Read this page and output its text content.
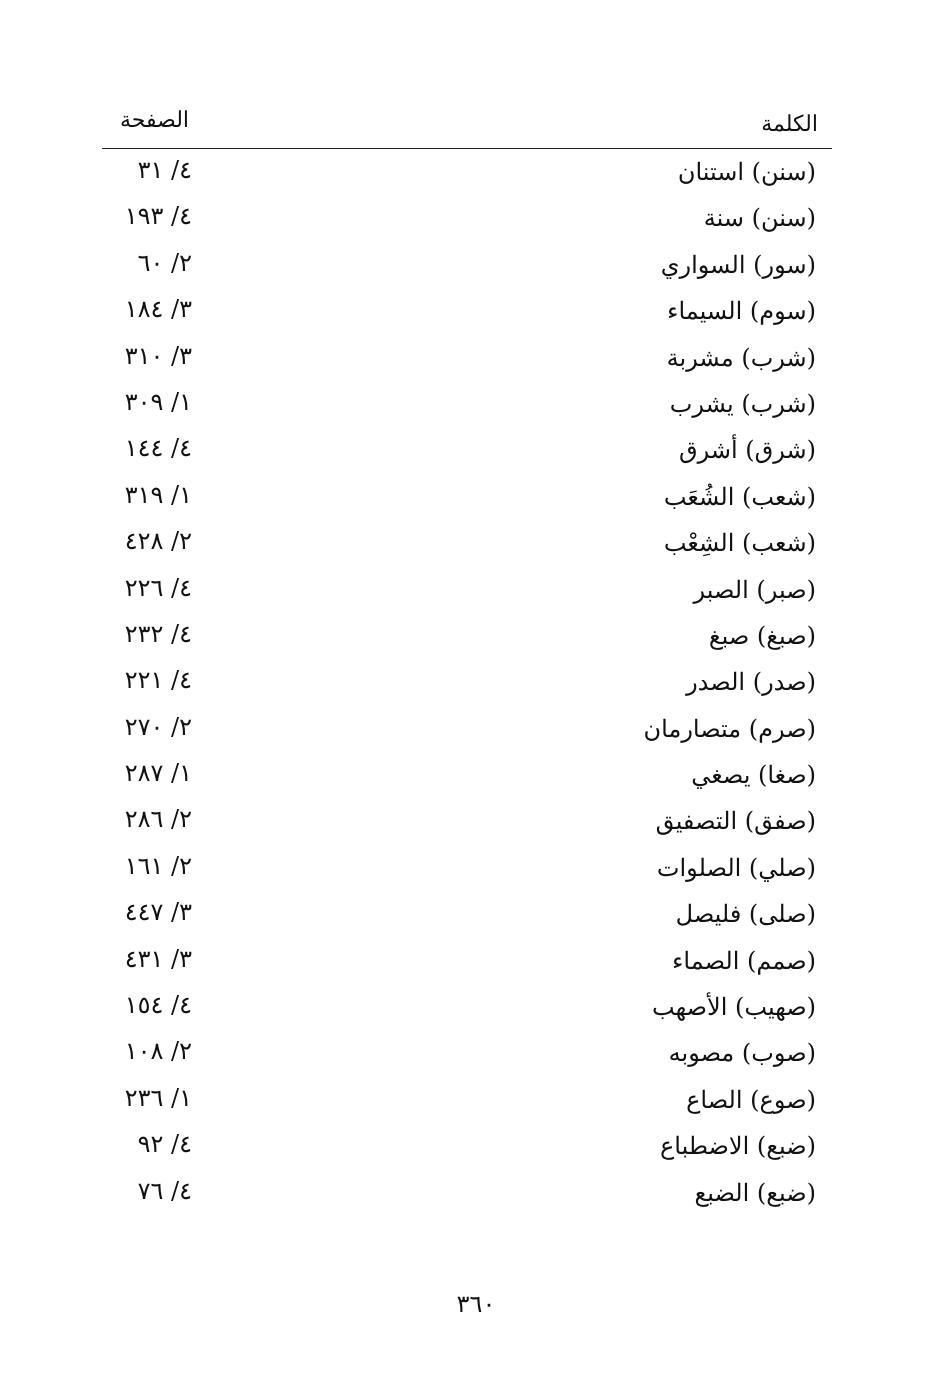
الكلمة
الصفحة
(سنن) استنان
٤/ ٣١
(سنن) سنة
٤/ ١٩٣
(سور) السواري
٢/ ٦٠
(سوم) السيماء
٣/ ١٨٤
(شرب) مشربة
٣/ ٣١٠
(شرب) يشرب
١/ ٣٠٩
(شرق) أشرق
٤/ ١٤٤
(شعب) الشُعَب
١/ ٣١٩
(شعب) الشِعْب
٢/ ٤٢٨
(صبر) الصبر
٤/ ٢٢٦
(صبغ) صبغ
٤/ ٢٣٢
(صدر) الصدر
٤/ ٢٢١
(صرم) متصارمان
٢/ ٢٧٠
(صغا) يصغي
١/ ٢٨٧
(صفق) التصفيق
٢/ ٢٨٦
(صلي) الصلوات
٢/ ١٦١
(صلى) فليصل
٣/ ٤٤٧
(صمم) الصماء
٣/ ٤٣١
(صهيب) الأصهب
٤/ ١٥٤
(صوب) مصوبه
٢/ ١٠٨
(صوع) الصاع
١/ ٢٣٦
(ضبع) الاضطباع
٤/ ٩٢
(ضبع) الضبع
٤/ ٧٦
٣٦٠
